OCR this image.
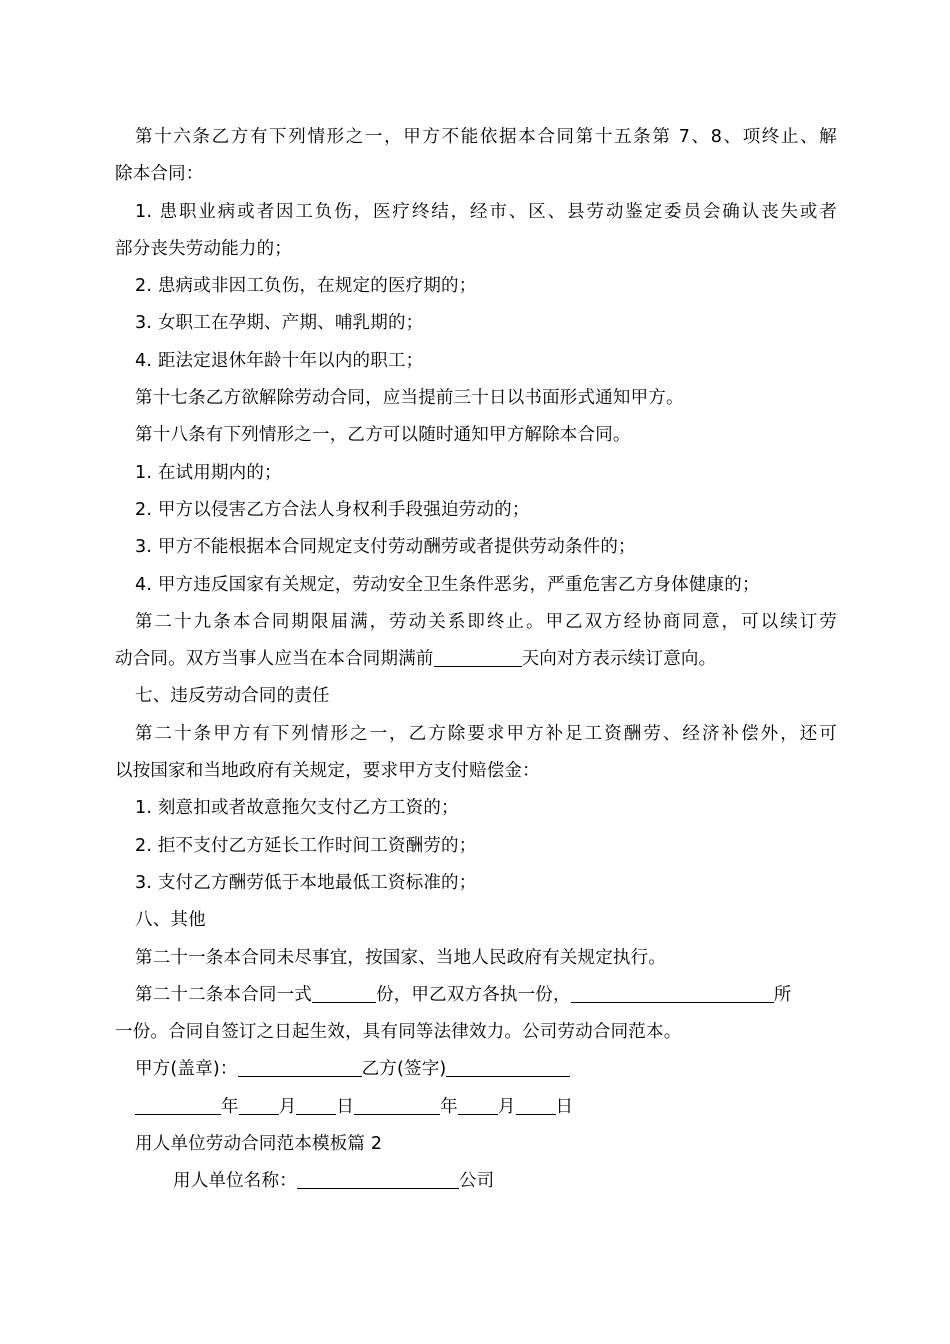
第十六条乙方有下列情形之一，甲方不能依据本合同第十五条第 7、8、项终止、解

除本合同：

1. 患职业病或者因工负伤，医疗终结，经市、区、县劳动鉴定委员会确认丧失或者

部分丧失劳动能力的；

2. 患病或非因工负伤，在规定的医疗期的；

3. 女职工在孕期、产期、哺乳期的；

4. 距法定退休年龄十年以内的职工；

第十七条乙方欲解除劳动合同，应当提前三十日以书面形式通知甲方。

第十八条有下列情形之一，乙方可以随时通知甲方解除本合同。

1. 在试用期内的；

2. 甲方以侵害乙方合法人身权利手段强迫劳动的；

3. 甲方不能根据本合同规定支付劳动酬劳或者提供劳动条件的；

4. 甲方违反国家有关规定，劳动安全卫生条件恶劣，严重危害乙方身体健康的；

第二十九条本合同期限届满，劳动关系即终止。甲乙双方经协商同意，可以续订劳

动合同。双方当事人应当在本合同期满前	天向对方表示续订意向。

七、违反劳动合同的责任

第二十条甲方有下列情形之一，乙方除要求甲方补足工资酬劳、经济补偿外，还可

以按国家和当地政府有关规定，要求甲方支付赔偿金：

1. 刻意扣或者故意拖欠支付乙方工资的；

2. 拒不支付乙方延长工作时间工资酬劳的；

3. 支付乙方酬劳低于本地最低工资标准的；

八、其他

第二十一条本合同未尽事宜，按国家、当地人民政府有关规定执行。

第二十二条本合同一式	份，甲乙双方各执一份，	所

一份。合同自签订之日起生效，具有同等法律效力。公司劳动合同范本。

甲方(盖章)：	乙方(签字)

年 月 日	年 月 日

用人单位劳动合同范本模板篇 2

用人单位名称：	公司
